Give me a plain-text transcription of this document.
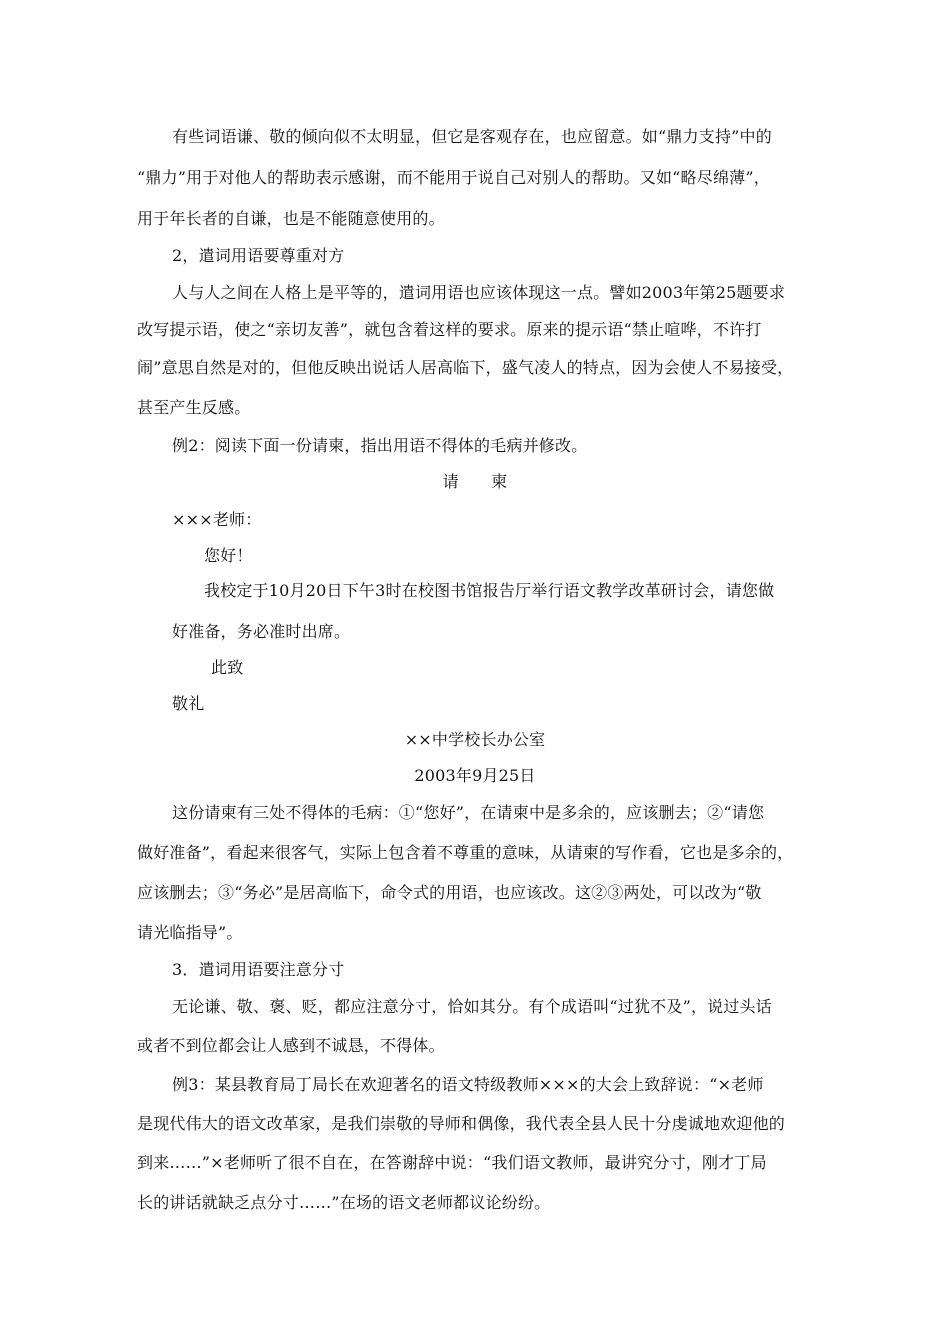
有些词语谦、敬的倾向似不太明显，但它是客观存在，也应留意。如“鼎力支持”中的
“鼎力”用于对他人的帮助表示感谢，而不能用于说自己对别人的帮助。又如“略尽绵薄”，
用于年长者的自谦，也是不能随意使用的。
2，遣词用语要尊重对方
人与人之间在人格上是平等的，遣词用语也应该体现这一点。譬如2003年第25题要求
改写提示语，使之“亲切友善”，就包含着这样的要求。原来的提示语“禁止喧哗，不许打
闹”意思自然是对的，但他反映出说话人居高临下，盛气凌人的特点，因为会使人不易接受，
甚至产生反感。
例2：阅读下面一份请柬，指出用语不得体的毛病并修改。
请　　柬
×××老师：
您好！
我校定于10月20日下午3时在校图书馆报告厅举行语文教学改革研讨会，请您做
好准备，务必准时出席。
此致
敬礼
××中学校长办公室
2003年9月25日
这份请柬有三处不得体的毛病：①“您好”，在请柬中是多余的，应该删去；②“请您
做好准备”，看起来很客气，实际上包含着不尊重的意味，从请柬的写作看，它也是多余的，
应该删去；③“务必”是居高临下，命令式的用语，也应该改。这②③两处，可以改为“敬
请光临指导”。
3．遣词用语要注意分寸
无论谦、敬、褒、贬，都应注意分寸，恰如其分。有个成语叫“过犹不及”，说过头话
或者不到位都会让人感到不诚恳，不得体。
例3：某县教育局丁局长在欢迎著名的语文特级教师×××的大会上致辞说：“×老师
是现代伟大的语文改革家，是我们崇敬的导师和偶像，我代表全县人民十分虔诚地欢迎他的
到来……”×老师听了很不自在，在答谢辞中说：“我们语文教师，最讲究分寸，刚才丁局
长的讲话就缺乏点分寸……”在场的语文老师都议论纷纷。
